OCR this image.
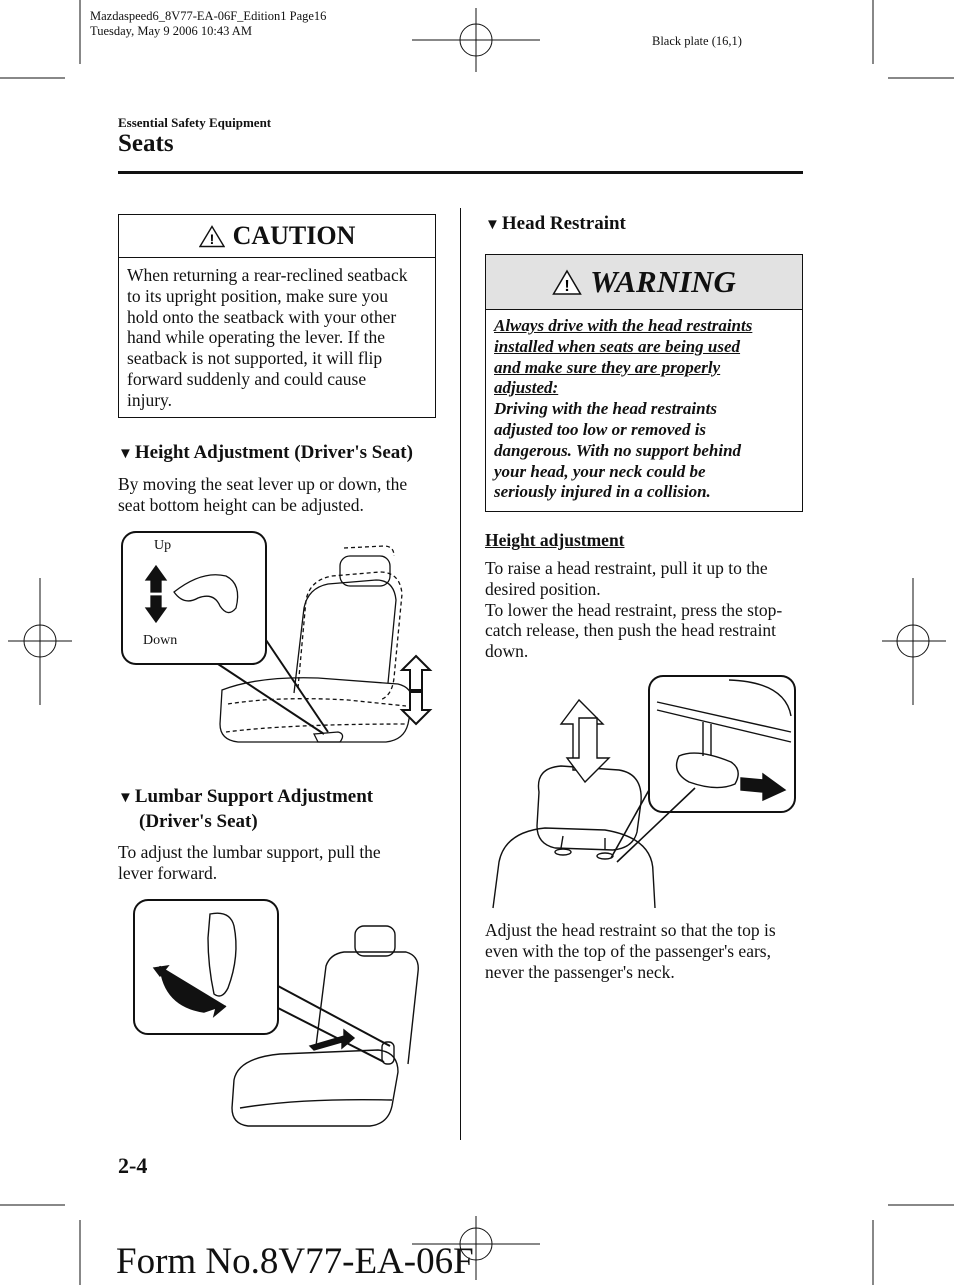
Mazdaspeed6_8V77-EA-06F_Edition1 Page16
Tuesday, May 9 2006 10:43 AM
Black plate (16,1)
Essential Safety Equipment
Seats
! CAUTION
When returning a rear-reclined seatback
to its upright position, make sure you
hold onto the seatback with your other
hand while operating the lever. If the
seatback is not supported, it will flip
forward suddenly and could cause
injury.
▼ Height Adjustment (Driver's Seat)
By moving the seat lever up or down, the
seat bottom height can be adjusted.
Up
Down
▼ Lumbar Support Adjustment
(Driver's Seat)
To adjust the lumbar support, pull the
lever forward.
▼ Head Restraint
! WARNING
Always drive with the head restraints
installed when seats are being used
and make sure they are properly
adjusted:
Driving with the head restraints
adjusted too low or removed is
dangerous. With no support behind
your head, your neck could be
seriously injured in a collision.
Height adjustment
To raise a head restraint, pull it up to the
desired position.
To lower the head restraint, press the stop-
catch release, then push the head restraint
down.
Adjust the head restraint so that the top is
even with the top of the passenger's ears,
never the passenger's neck.
2-4
Form No.8V77-EA-06F
